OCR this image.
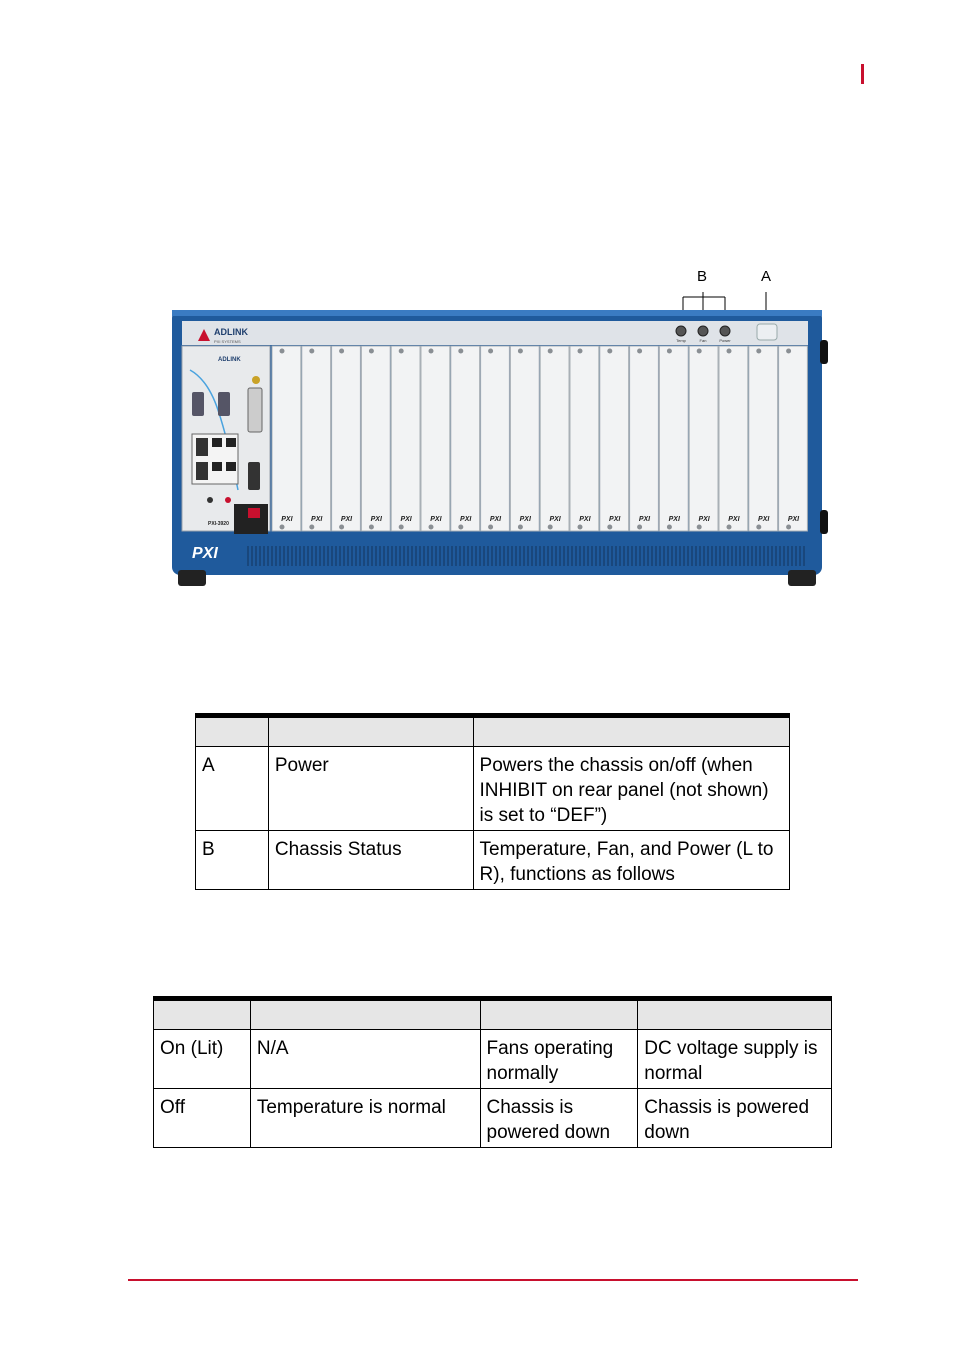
B	A
ADLINK
PXI SYSTEMS	Temp	Fan	Power
ADLINK
PXI-3920
PXI	PXI	PXI	PXI	PXI	PXI	PXI	PXI	PXI	PXI	PXI	PXI	PXI	PXI	PXI	PXI	PXI	PXI
PXI

A	Power	Powers the chassis on/off (when INHIBIT on rear panel (not shown) is set to “DEF”)
B	Chassis Status	Temperature, Fan, and Power (L to R), functions as follows

On (Lit)	N/A	Fans operating normally	DC voltage supply is normal
Off	Temperature is normal	Chassis is powered down	Chassis is powered down
